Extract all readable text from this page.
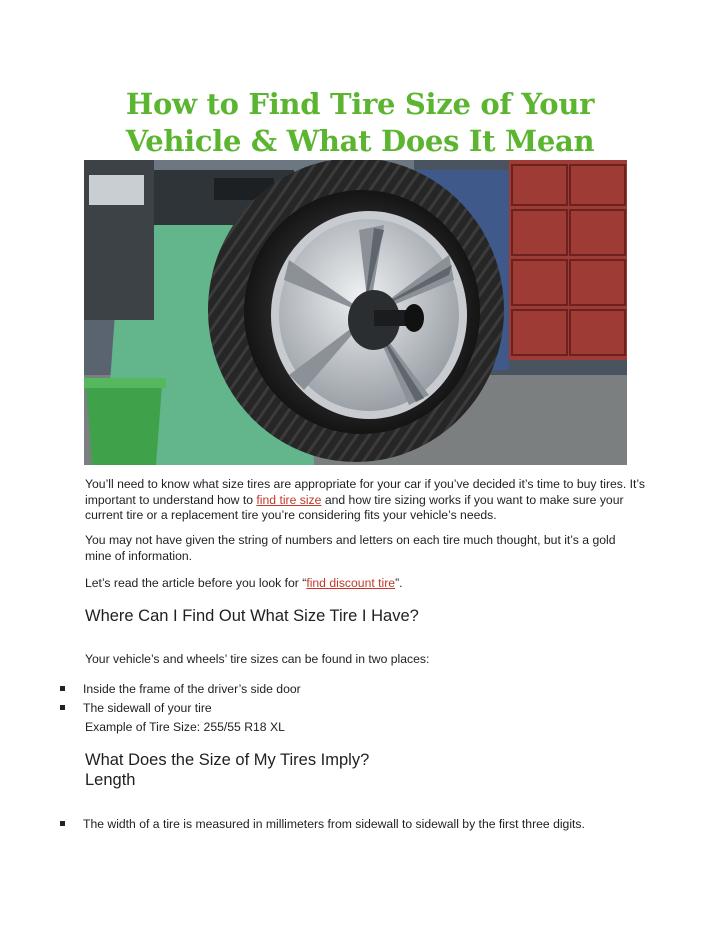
How to Find Tire Size of Your
Vehicle & What Does It Mean
You’ll need to know what size tires are appropriate for your car if you’ve decided it’s time to buy tires. It’s important to understand how to find tire size and how tire sizing works if you want to make sure your current tire or a replacement tire you’re considering fits your vehicle’s needs.
You may not have given the string of numbers and letters on each tire much thought, but it’s a gold mine of information.
Let’s read the article before you look for “find discount tire”.
Where Can I Find Out What Size Tire I Have?
Your vehicle’s and wheels’ tire sizes can be found in two places:
Inside the frame of the driver’s side door
The sidewall of your tire
Example of Tire Size: 255/55 R18 XL
What Does the Size of My Tires Imply?
Length
The width of a tire is measured in millimeters from sidewall to sidewall by the first three digits.
